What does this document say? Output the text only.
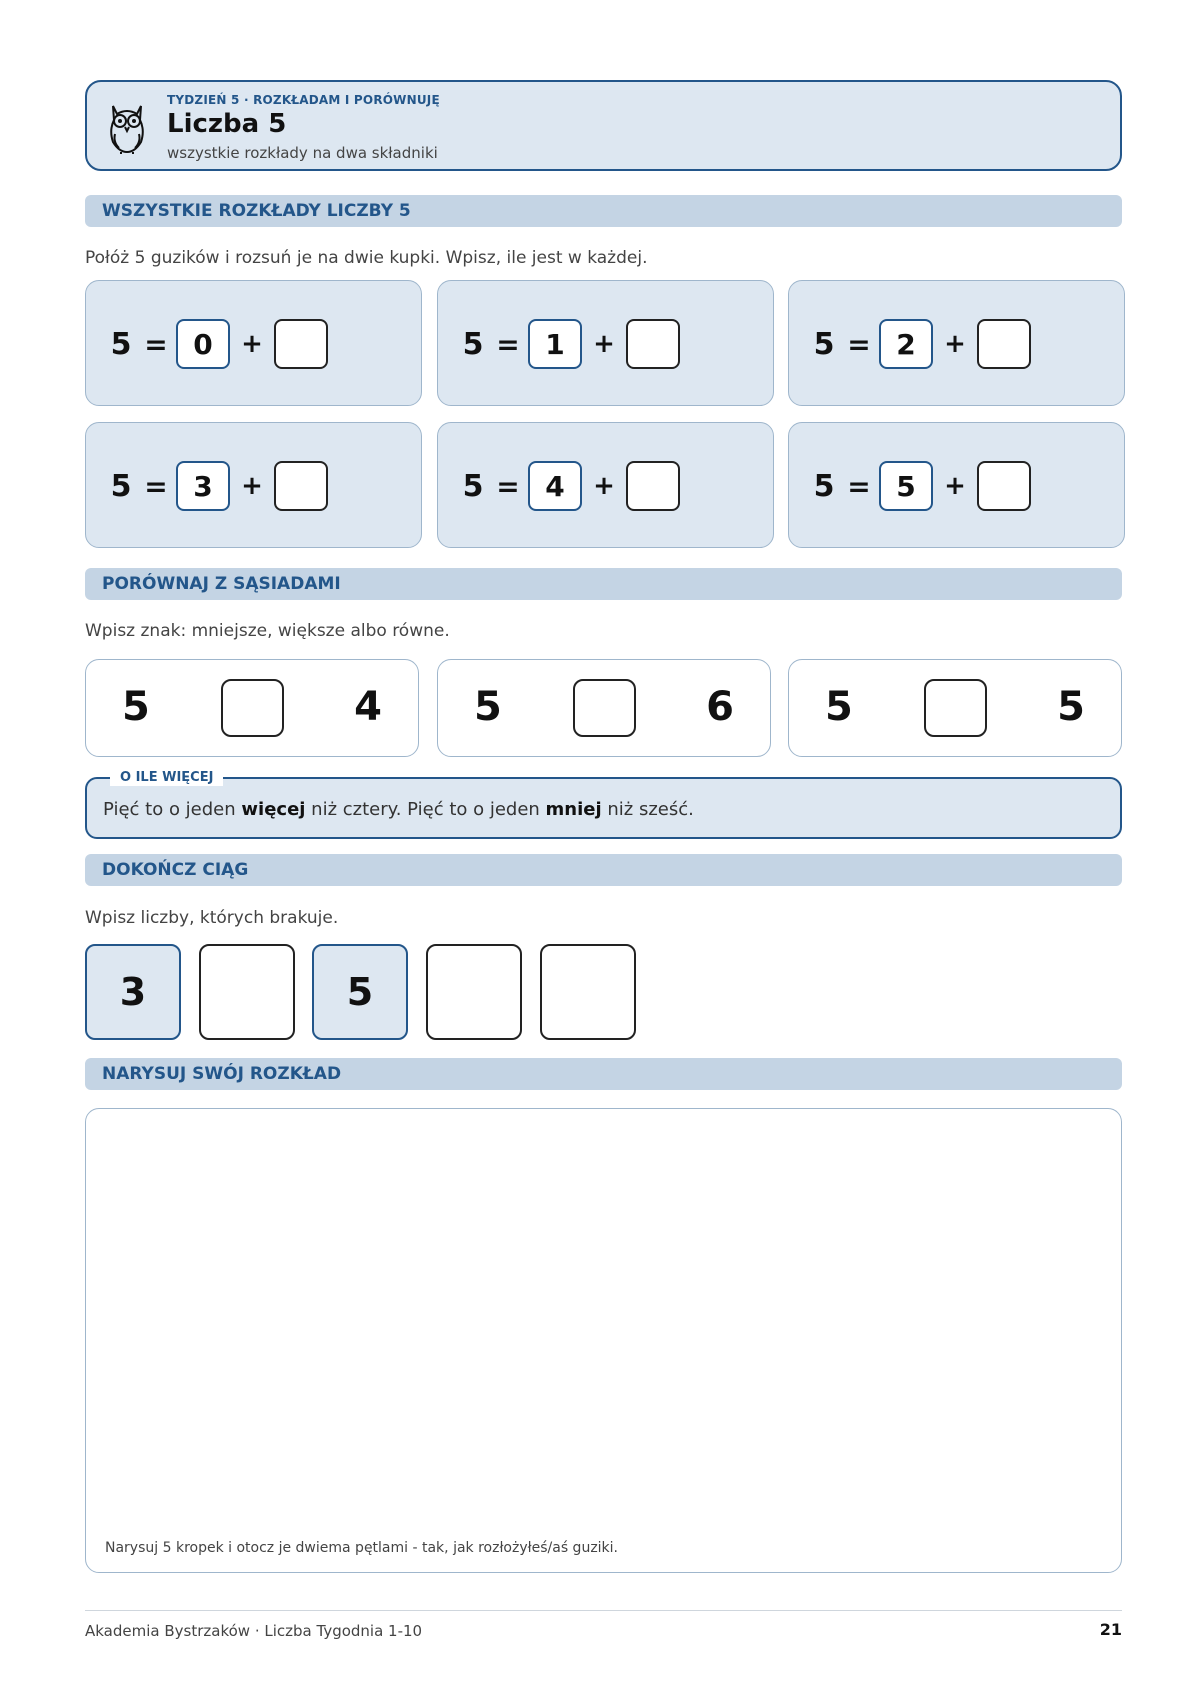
TYDZIEŃ 5 · ROZKŁADAM I PORÓWNUJĘ
Liczba 5
wszystkie rozkłady na dwa składniki
WSZYSTKIE ROZKŁADY LICZBY 5
Połóż 5 guzików i rozsuń je na dwie kupki. Wpisz, ile jest w każdej.
5 = 0	+	5 = 1	+	5 = 2	+
5 = 3	+	5 = 4	+	5 = 5	+
PORÓWNAJ Z SĄSIADAMI
Wpisz znak: mniejsze, większe albo równe.
5	4 5	6 5	5
Pięć to o jeden więcej niż cztery. Pięć to o jeden mniej niż sześć.
O ILE WIĘCEJ
DOKOŃCZ CIĄG
Wpisz liczby, których brakuje.
3	5
NARYSUJ SWÓJ ROZKŁAD
Narysuj 5 kropek i otocz je dwiema pętlami - tak, jak rozłożyłeś/aś guziki.
Akademia Bystrzaków · Liczba Tygodnia 1-10	21
